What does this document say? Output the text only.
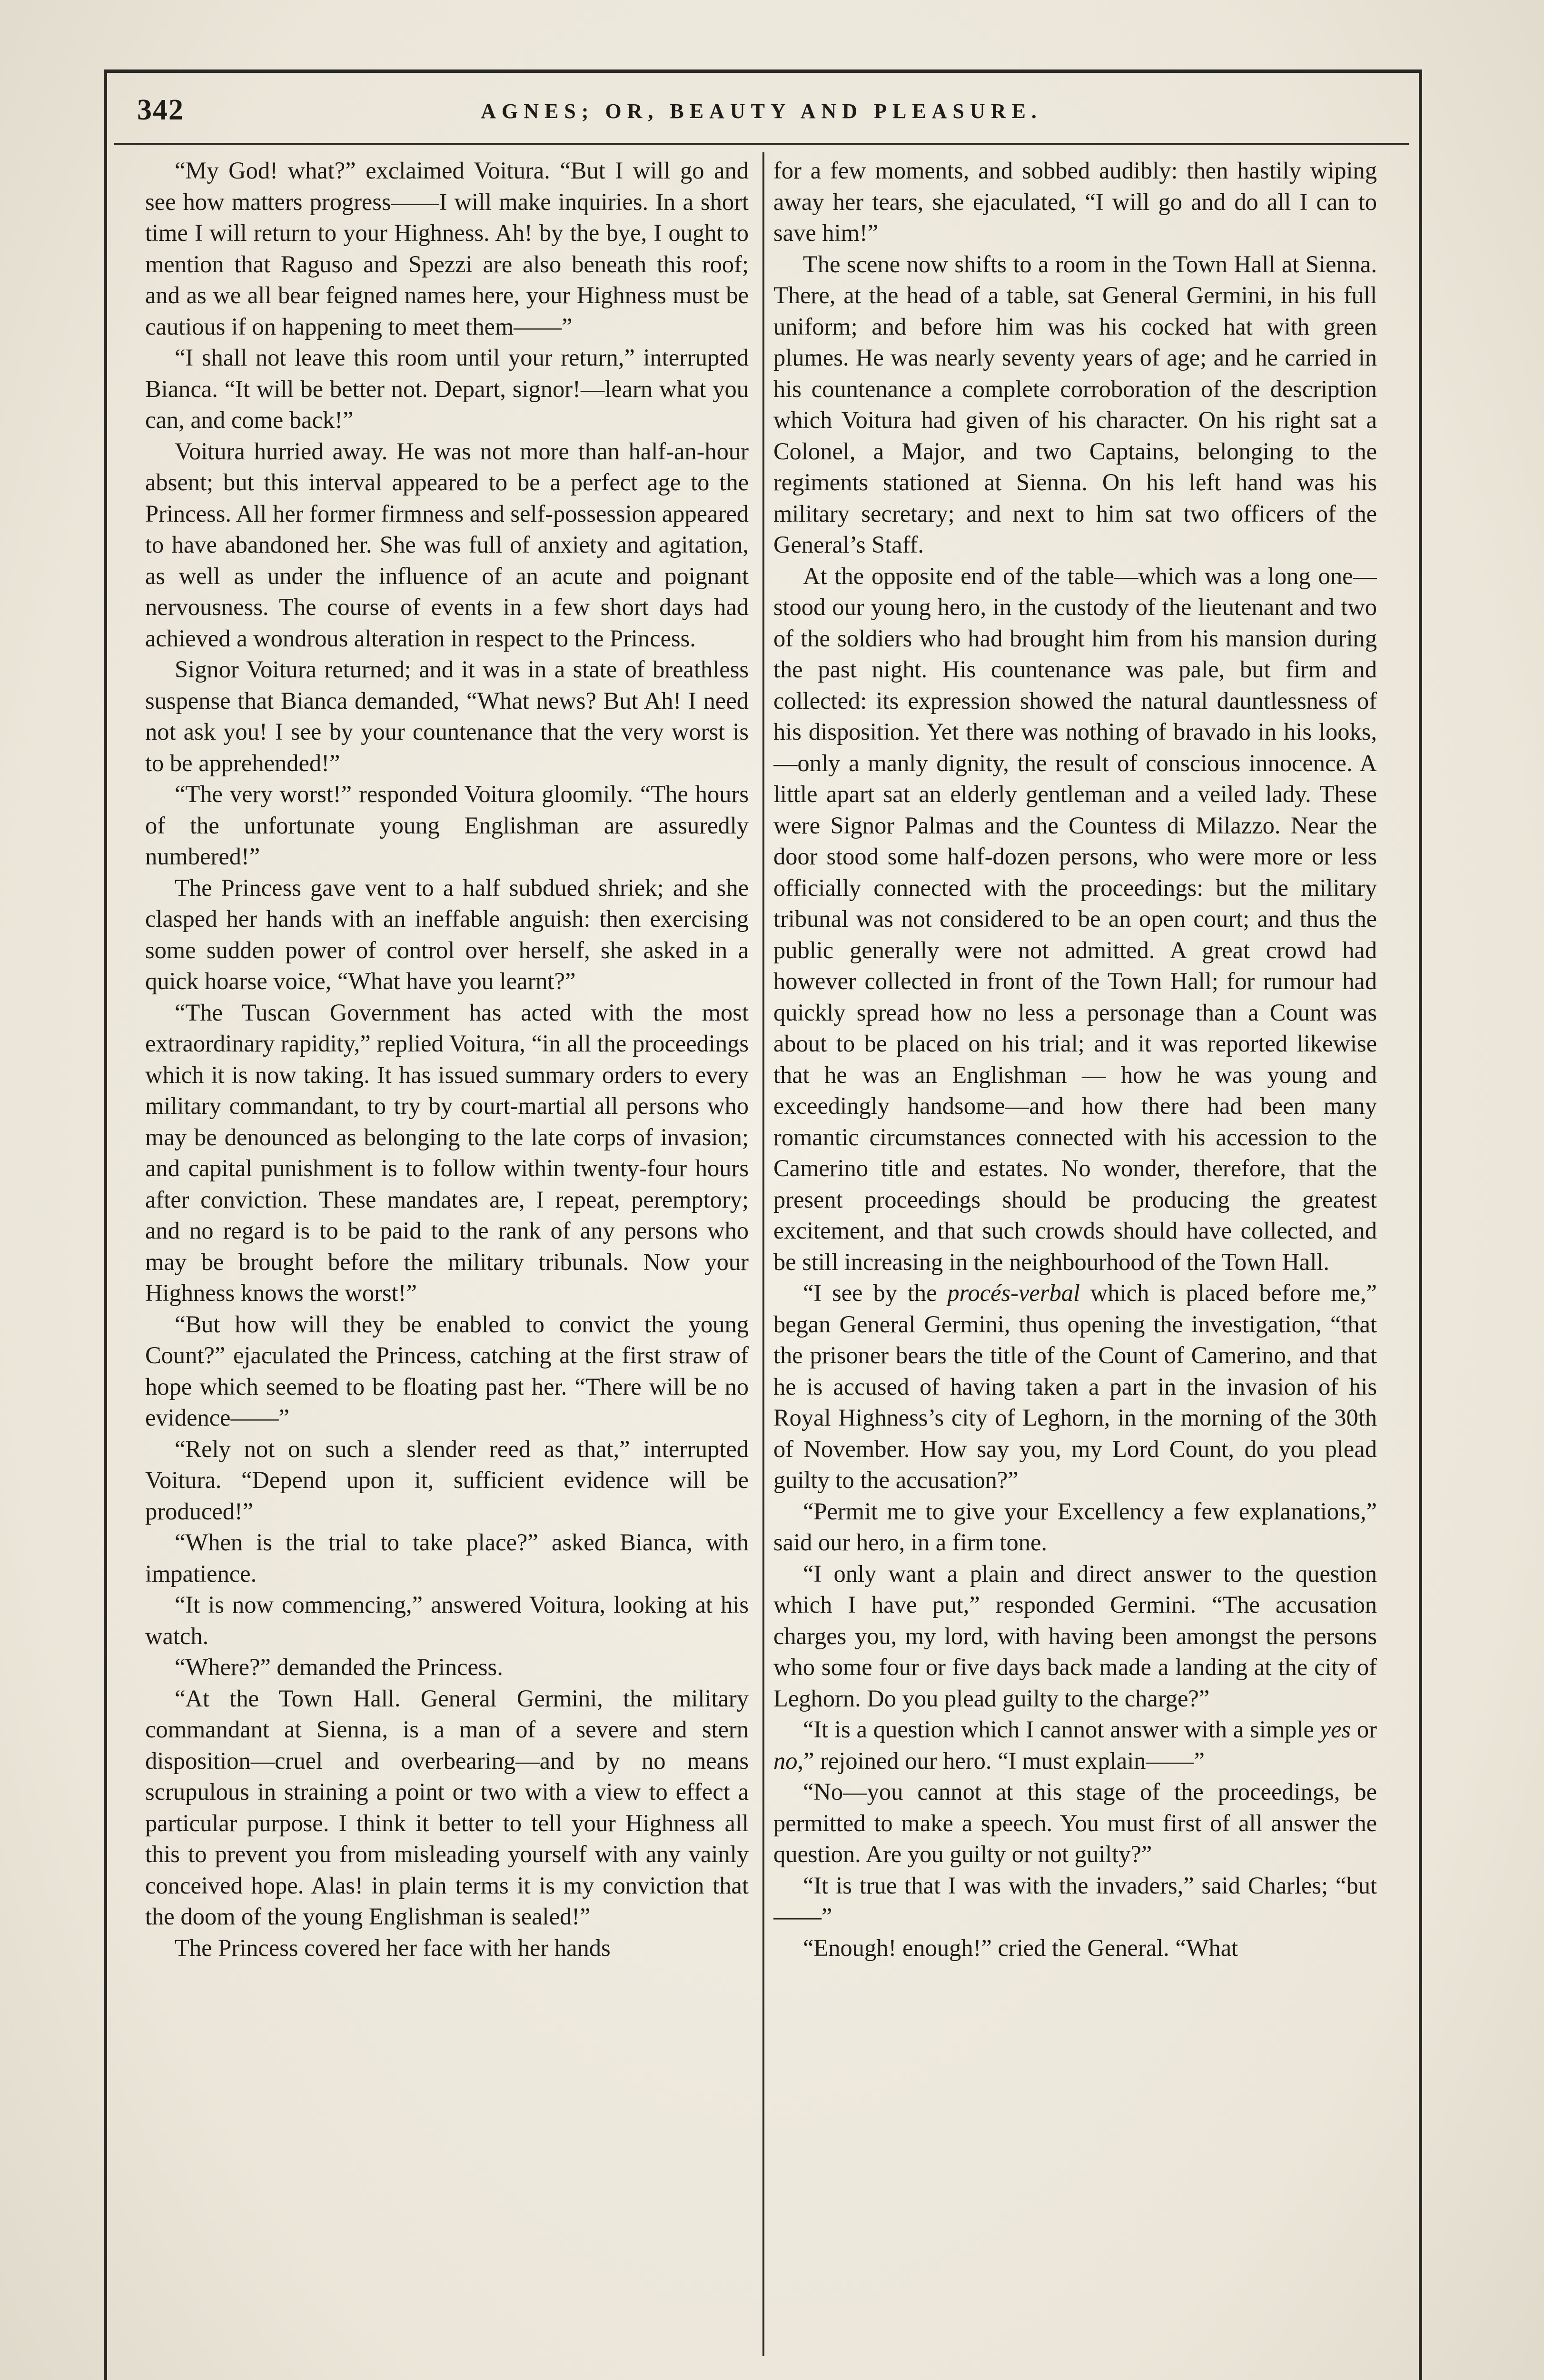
342	AGNES; OR, BEAUTY AND PLEASURE.

“My God! what?” exclaimed Voitura. “But I will go and see how matters progress——I will make inquiries. In a short time I will return to your Highness. Ah! by the bye, I ought to mention that Raguso and Spezzi are also beneath this roof; and as we all bear feigned names here, your Highness must be cautious if on happening to meet them——”

“I shall not leave this room until your return,” interrupted Bianca. “It will be better not. Depart, signor!—learn what you can, and come back!”

Voitura hurried away. He was not more than half-an-hour absent; but this interval appeared to be a perfect age to the Princess. All her former firmness and self-possession appeared to have abandoned her. She was full of anxiety and agitation, as well as under the influence of an acute and poignant nervousness. The course of events in a few short days had achieved a wondrous alteration in respect to the Princess.

Signor Voitura returned; and it was in a state of breathless suspense that Bianca demanded, “What news? But Ah! I need not ask you! I see by your countenance that the very worst is to be apprehended!”

“The very worst!” responded Voitura gloomily. “The hours of the unfortunate young Englishman are assuredly numbered!”

The Princess gave vent to a half subdued shriek; and she clasped her hands with an ineffable anguish: then exercising some sudden power of control over herself, she asked in a quick hoarse voice, “What have you learnt?”

“The Tuscan Government has acted with the most extraordinary rapidity,” replied Voitura, “in all the proceedings which it is now taking. It has issued summary orders to every military commandant, to try by court-martial all persons who may be denounced as belonging to the late corps of invasion; and capital punishment is to follow within twenty-four hours after conviction. These mandates are, I repeat, peremptory; and no regard is to be paid to the rank of any persons who may be brought before the military tribunals. Now your Highness knows the worst!”

“But how will they be enabled to convict the young Count?” ejaculated the Princess, catching at the first straw of hope which seemed to be floating past her. “There will be no evidence——”

“Rely not on such a slender reed as that,” interrupted Voitura. “Depend upon it, sufficient evidence will be produced!”

“When is the trial to take place?” asked Bianca, with impatience.

“It is now commencing,” answered Voitura, looking at his watch.

“Where?” demanded the Princess.

“At the Town Hall. General Germini, the military commandant at Sienna, is a man of a severe and stern disposition—cruel and overbearing—and by no means scrupulous in straining a point or two with a view to effect a particular purpose. I think it better to tell your Highness all this to prevent you from misleading yourself with any vainly conceived hope. Alas! in plain terms it is my conviction that the doom of the young Englishman is sealed!”

The Princess covered her face with her hands

for a few moments, and sobbed audibly: then hastily wiping away her tears, she ejaculated, “I will go and do all I can to save him!”

The scene now shifts to a room in the Town Hall at Sienna. There, at the head of a table, sat General Germini, in his full uniform; and before him was his cocked hat with green plumes. He was nearly seventy years of age; and he carried in his countenance a complete corroboration of the description which Voitura had given of his character. On his right sat a Colonel, a Major, and two Captains, belonging to the regiments stationed at Sienna. On his left hand was his military secretary; and next to him sat two officers of the General’s Staff.

At the opposite end of the table—which was a long one—stood our young hero, in the custody of the lieutenant and two of the soldiers who had brought him from his mansion during the past night. His countenance was pale, but firm and collected: its expression showed the natural dauntlessness of his disposition. Yet there was nothing of bravado in his looks,—only a manly dignity, the result of conscious innocence. A little apart sat an elderly gentleman and a veiled lady. These were Signor Palmas and the Countess di Milazzo. Near the door stood some half-dozen persons, who were more or less officially connected with the proceedings: but the military tribunal was not considered to be an open court; and thus the public generally were not admitted. A great crowd had however collected in front of the Town Hall; for rumour had quickly spread how no less a personage than a Count was about to be placed on his trial; and it was reported likewise that he was an Englishman — how he was young and exceedingly handsome—and how there had been many romantic circumstances connected with his accession to the Camerino title and estates. No wonder, therefore, that the present proceedings should be producing the greatest excitement, and that such crowds should have collected, and be still increasing in the neighbourhood of the Town Hall.

“I see by the procés-verbal which is placed before me,” began General Germini, thus opening the investigation, “that the prisoner bears the title of the Count of Camerino, and that he is accused of having taken a part in the invasion of his Royal Highness’s city of Leghorn, in the morning of the 30th of November. How say you, my Lord Count, do you plead guilty to the accusation?”

“Permit me to give your Excellency a few explanations,” said our hero, in a firm tone.

“I only want a plain and direct answer to the question which I have put,” responded Germini. “The accusation charges you, my lord, with having been amongst the persons who some four or five days back made a landing at the city of Leghorn. Do you plead guilty to the charge?”

“It is a question which I cannot answer with a simple yes or no,” rejoined our hero. “I must explain——”

“No—you cannot at this stage of the proceedings, be permitted to make a speech. You must first of all answer the question. Are you guilty or not guilty?”

“It is true that I was with the invaders,” said Charles; “but——”

“Enough! enough!” cried the General. “What
